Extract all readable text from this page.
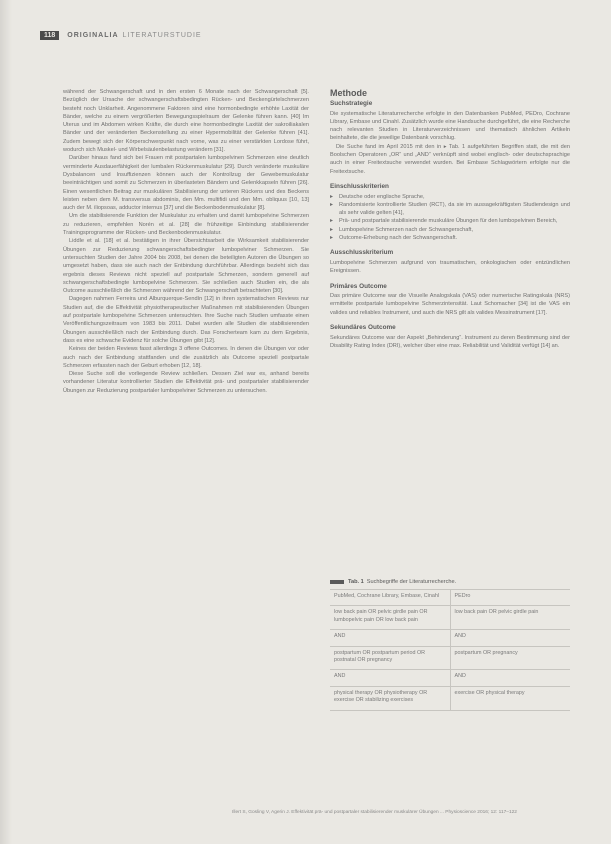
118	ORIGINALIA LITERATURSTUDIE

während der Schwangerschaft und in den ersten 6 Monate nach der Schwangerschaft [5]. Bezüglich der Ursache der schwangerschaftsbedingten Rücken- und Beckengürtelschmerzen besteht noch Unklarheit. Angenommene Faktoren sind eine hormonbedingte erhöhte Laxität der Bänder, welche zu einem vergrößerten Bewegungsspielraum der Gelenke führen kann. [40] Im Uterus und im Abdomen wirken Kräfte, die durch eine hormonbedingte Laxität der sakroiliakalen Bänder und der veränderten Beckenstellung zu einer Hypermobilität der Gelenke führen [41]. Zudem bewegt sich der Körperschwerpunkt nach vorne, was zu einer verstärkten Lordose führt, wodurch sich Muskel- und Wirbelsäulenbelastung verändern [31].

Darüber hinaus fand sich bei Frauen mit postpartalen lumbopelvinen Schmerzen eine deutlich verminderte Ausdauerfähigkeit der lumbalen Rückenmuskulatur [29]. Durch veränderte muskuläre Dysbalancen und Insuffizienzen können auch der Kontrollzug der Gewebemuskulatur beeinträchtigen und somit zu Schmerzen in überlasteten Bändern und Gelenkkapseln führen [26]. Einen wesentlichen Beitrag zur muskulären Stabilisierung der unteren Rückens und des Beckens leisten neben dem M. transversus abdominis, den Mm. multifidi und den Mm. obliquus [10, 13] auch der M. iliopsoas, adductor internus [37] und die Beckenbodenmuskulatur [8].

Um die stabilisierende Funktion der Muskulatur zu erhalten und damit lumbopelvine Schmerzen zu reduzieren, empfehlen Norén et al. [28] die frühzeitige Einbindung stabilisierender Trainingsprogramme der Rücken- und Beckenbodenmuskulatur.

Liddle et al. [18] et al. bestätigen in ihrer Übersichtsarbeit die Wirksamkeit stabilisierender Übungen zur Reduzierung schwangerschaftsbedingter lumbopelviner Schmerzen. Sie untersuchten Studien der Jahre 2004 bis 2008, bei denen die beteiligten Autoren die Übungen so umgesetzt haben, dass sie auch nach der Entbindung durchführbar. Allerdings bezieht sich das ergebnis dieses Reviews nicht speziell auf postpartale Schmerzen, sondern generell auf schwangerschaftsbedingte lumbopelvine Schmerzen. Sie schließen auch Studien ein, die als Outcome ausschließlich die Schmerzen während der Schwangerschaft betrachteten [30].

Dagegen nahmen Ferreira und Alburquerque-Sendín [12] in ihren systematischen Reviews nur Studien auf, die die Effektivität physiotherapeutischer Maßnahmen mit stabilisierenden Übungen auf postpartale lumbopelvine Schmerzen untersuchten. Ihre Suche nach Studien umfasste einen Veröffentlichungszeitraum von 1983 bis 2011. Dabei wurden alle Studien die stabilisierenden Übungen ausschließlich nach der Entbindung durch. Das Forscherteam kam zu dem Ergebnis, dass es eine schwache Evidenz für solche Übungen gibt [12].

Keines der beiden Reviews fasst allerdings 3 offene Outcomes. In denen die Übungen vor oder auch nach der Entbindung stattfanden und die zusätzlich als Outcome speziell postpartale Schmerzen erfassten nach der Geburt erhoben [12, 18].

Diese Suche soll die vorliegende Review schließen. Dessen Ziel war es, anhand bereits vorhandener Literatur kontrollierter Studien die Effektivität prä- und postpartaler stabilisierender Übungen zur Reduzierung postpartaler lumbopelviner Schmerzen zu untersuchen.

Methode
Suchstrategie

Die systematische Literaturrecherche erfolgte in den Datenbanken PubMed, PEDro, Cochrane Library, Embase und Cinahl. Zusätzlich wurde eine Handsuche durchgeführt, die eine Recherche nach relevanten Studien in Literaturverzeichnissen und thematisch ähnlichen Artikeln beinhaltete, die die jeweilige Datenbank vorschlug.

Die Suche fand im April 2015 mit den in ▸ Tab. 1 aufgeführten Begriffen statt, die mit den Boolschen Operatoren „OR“ und „AND“ verknüpft sind wobei englisch- oder deutschsprachige auch in einer Freitextsuche verwendet wurden. Bei Embase Schlagwörtern erfolgte nur die Freitextsuche.

Einschlusskriterien
▸ Deutsche oder englische Sprache,
▸ Randomisierte kontrollierte Studien (RCT), da sie im aussagekräftigsten Studiendesign und als sehr valide gelten [41],
▸ Prä- und postpartale stabilisierende muskuläre Übungen für den lumbopelvinen Bereich,
▸ Lumbopelvine Schmerzen nach der Schwangerschaft,
▸ Outcome-Erhebung nach der Schwangerschaft.
Ausschlusskriterium

Lumbopelvine Schmerzen aufgrund von traumatischen, onkologischen oder entzündlichen Ereignissen.

Primäres Outcome

Das primäre Outcome war die Visuelle Analogskala (VAS) oder numerische Ratingskala (NRS) ermittelte postpartale lumbopelvine Schmerzintensität. Laut Schomacher [34] ist die VAS ein valides und reliables Instrument, und auch die NRS gilt als valides Messinstrument [17].

Sekundäres Outcome

Sekundäres Outcome war der Aspekt „Behinderung“. Instrument zu deren Bestimmung sind der Disability Rating Index (DRI), welcher über eine max. Reliabilität und Validität verfügt [14] an.

Tab. 1 Suchbegriffe der Literaturrecherche.
PubMed, Cochrane Library, Embase, Cinahl	PEDro
low back pain OR pelvic girdle pain OR lumbopelvic pain OR low back pain	low back pain OR pelvic girdle pain
AND	AND
postpartum OR postpartum period OR postnatal OR pregnancy	postpartum OR pregnancy
AND	AND
physical therapy OR physiotherapy OR exercise OR stabilizing exercises	exercise OR physical therapy
Illert S, Gosling V, Agerin J. Effektivität prä- und postpartaler stabilisierender muskulärer Übungen ... Physioscience 2016; 12: 117–122
